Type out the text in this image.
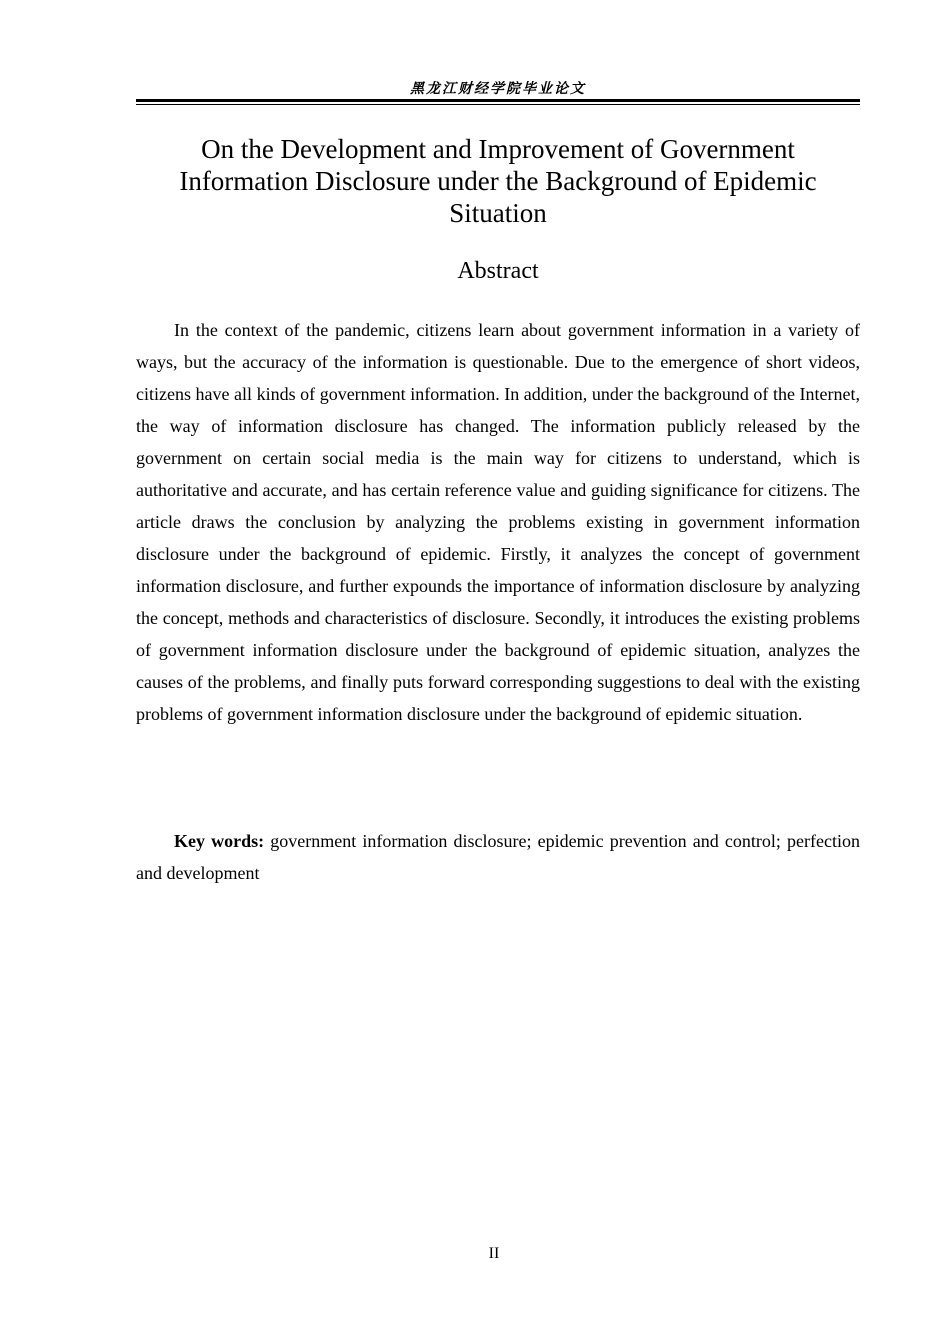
黑龙江财经学院毕业论文
On the Development and Improvement of Government Information Disclosure under the Background of Epidemic Situation
Abstract

In the context of the pandemic, citizens learn about government information in a variety of ways, but the accuracy of the information is questionable. Due to the emergence of short videos, citizens have all kinds of government information. In addition, under the background of the Internet, the way of information disclosure has changed. The information publicly released by the government on certain social media is the main way for citizens to understand, which is authoritative and accurate, and has certain reference value and guiding significance for citizens. The article draws the conclusion by analyzing the problems existing in government information disclosure under the background of epidemic. Firstly, it analyzes the concept of government information disclosure, and further expounds the importance of information disclosure by analyzing the concept, methods and characteristics of disclosure. Secondly, it introduces the existing problems of government information disclosure under the background of epidemic situation, analyzes the causes of the problems, and finally puts forward corresponding suggestions to deal with the existing problems of government information disclosure under the background of epidemic situation.

Key words: government information disclosure; epidemic prevention and control; perfection and development

II
